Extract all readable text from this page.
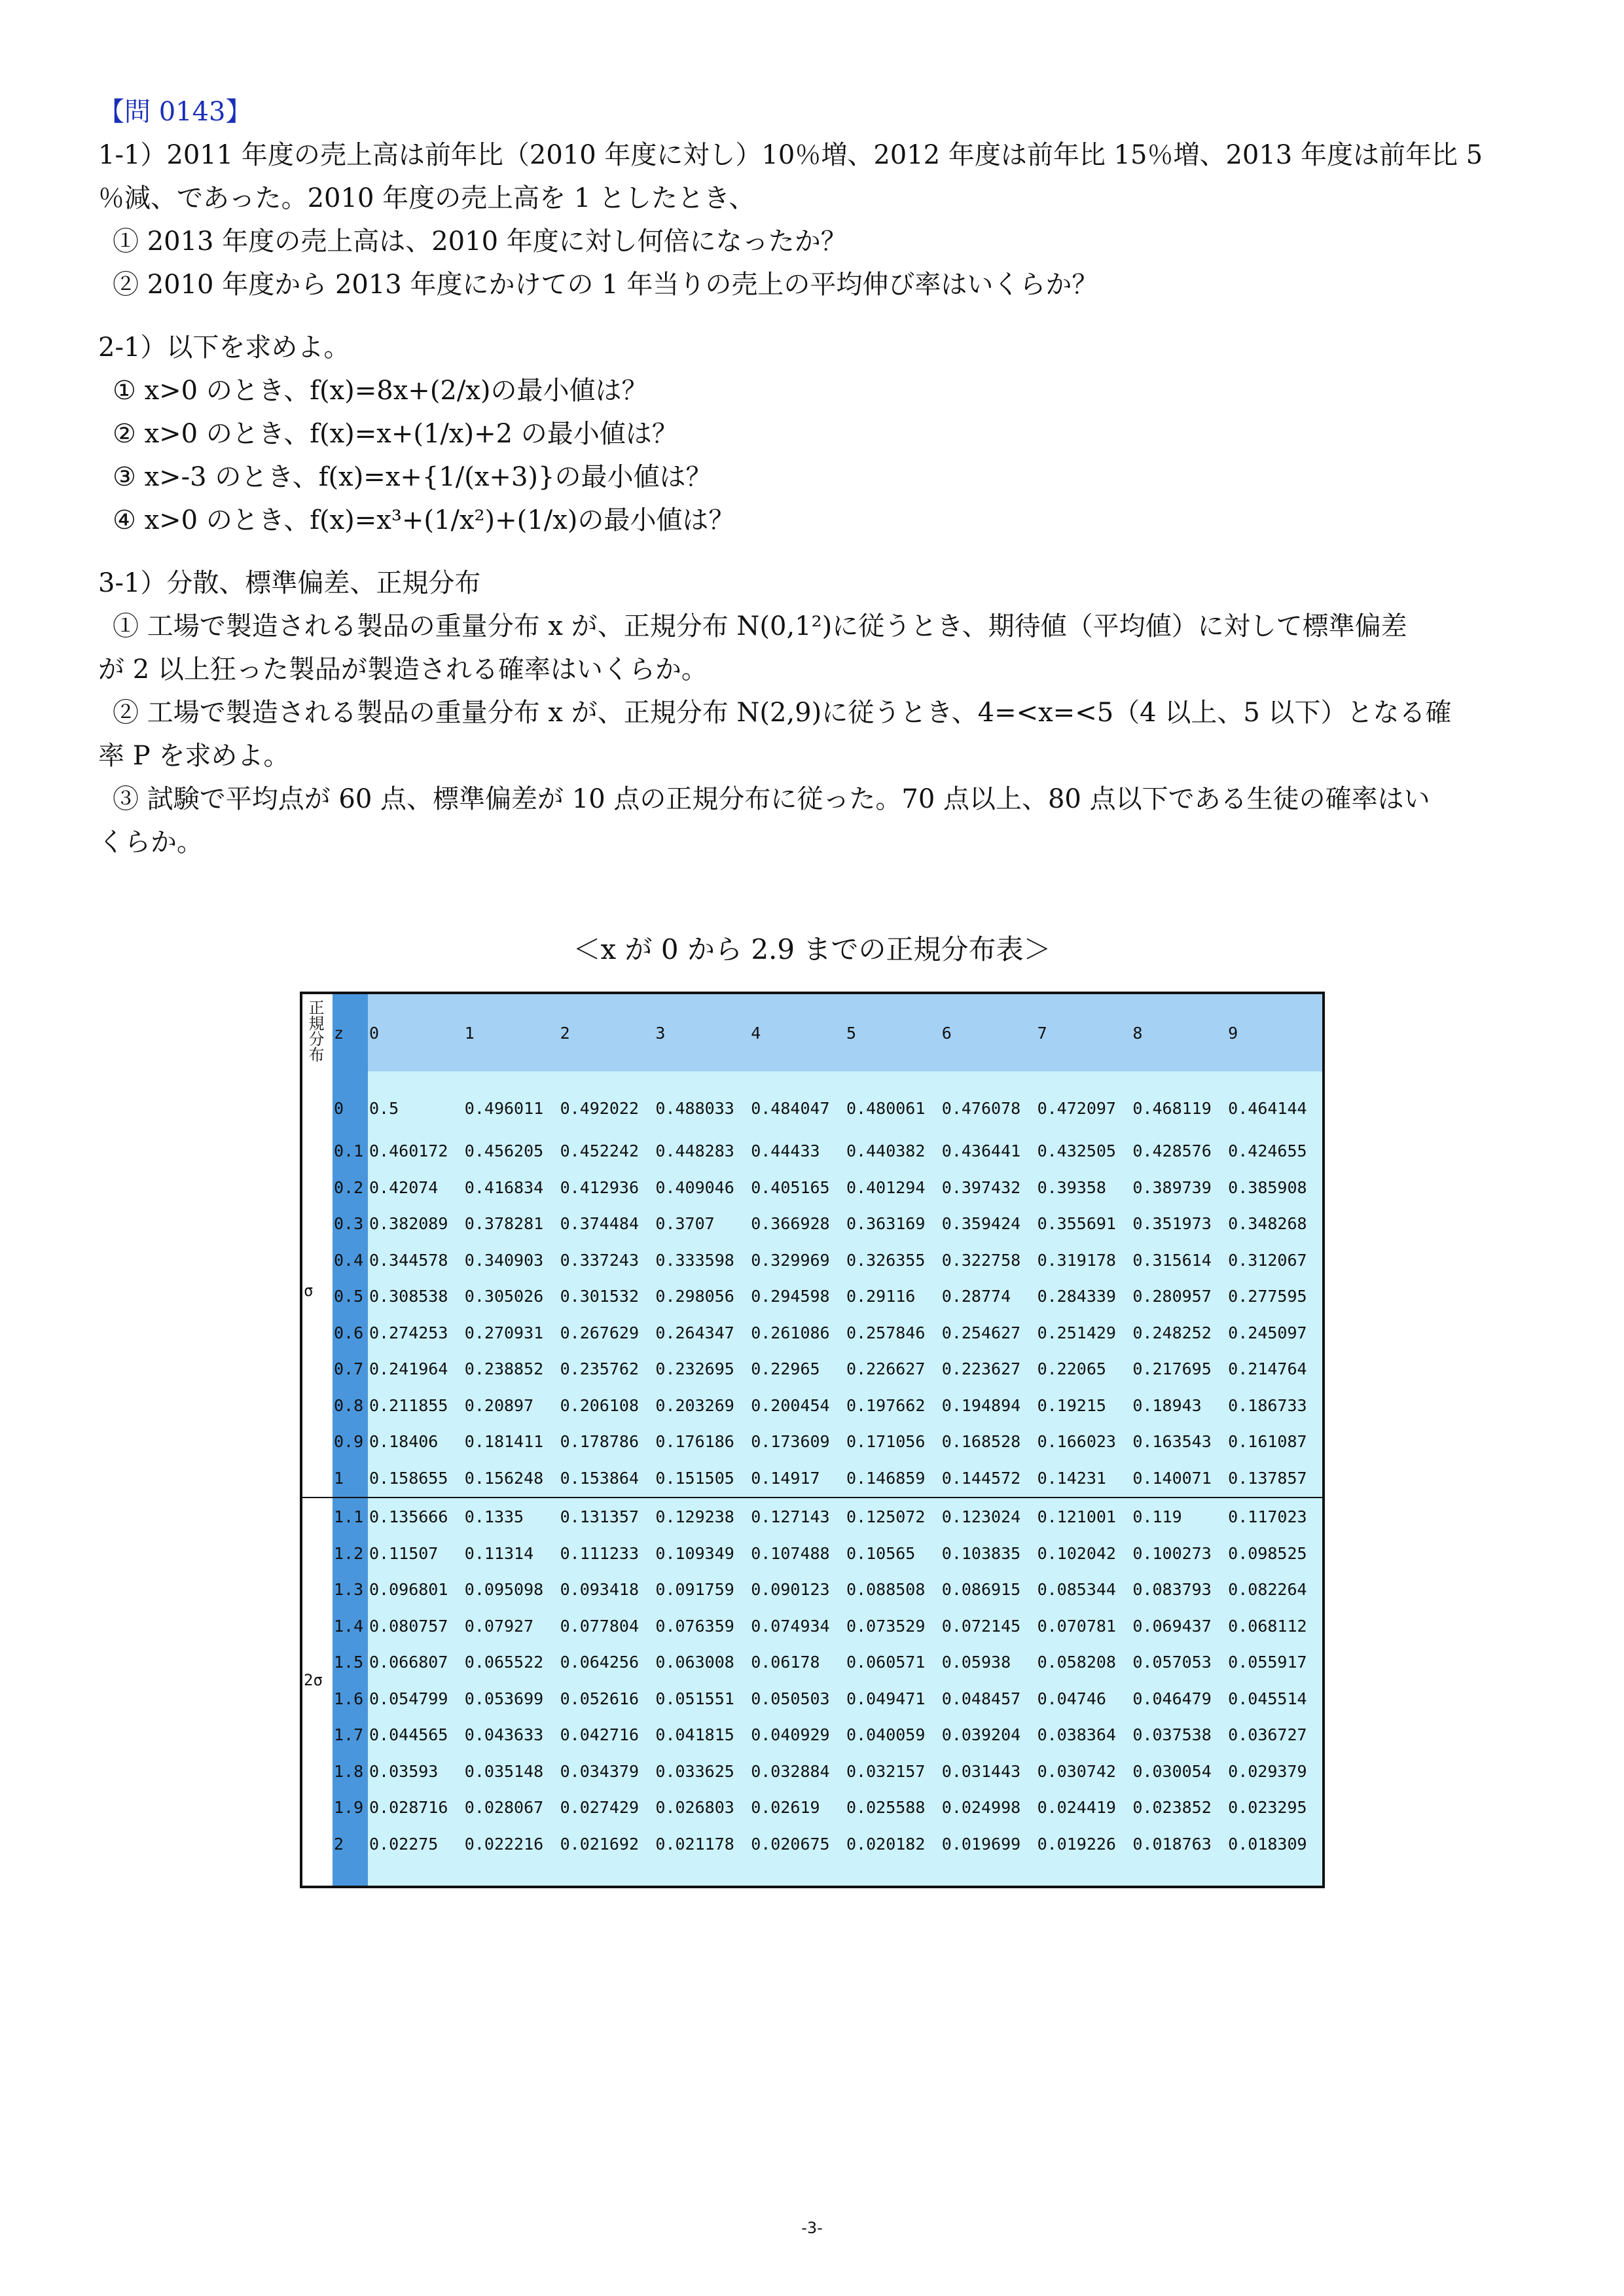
【問 0143】

1-1）2011 年度の売上高は前年比（2010 年度に対し）10％増、2012 年度は前年比 15％増、2013 年度は前年比 5

％減、であった。2010 年度の売上高を 1 としたとき、

① 2013 年度の売上高は、2010 年度に対し何倍になったか？

② 2010 年度から 2013 年度にかけての 1 年当りの売上の平均伸び率はいくらか？

2-1）以下を求めよ。

① x>0 のとき、f(x)=8x+(2/x)の最小値は？

② x>0 のとき、f(x)=x+(1/x)+2 の最小値は？

③ x>-3 のとき、f(x)=x+{1/(x+3)}の最小値は？

④ x>0 のとき、f(x)=x³+(1/x²)+(1/x)の最小値は？

3-1）分散、標準偏差、正規分布

① 工場で製造される製品の重量分布 x が、正規分布 N(0,1²)に従うとき、期待値（平均値）に対して標準偏差

が 2 以上狂った製品が製造される確率はいくらか。

② 工場で製造される製品の重量分布 x が、正規分布 N(2,9)に従うとき、4=<x=<5（4 以上、5 以下）となる確

率 P を求めよ。

③ 試験で平均点が 60 点、標準偏差が 10 点の正規分布に従った。70 点以上、80 点以下である生徒の確率はい

くらか。

＜x が 0 から 2.9 までの正規分布表＞
正規分布	z	0	1	2	3	4	5	6	7	8	9
σ	0	0.5	0.496011	0.492022	0.488033	0.484047	0.480061	0.476078	0.472097	0.468119	0.464144
	0.1	0.460172	0.456205	0.452242	0.448283	0.44433	0.440382	0.436441	0.432505	0.428576	0.424655
	0.2	0.42074	0.416834	0.412936	0.409046	0.405165	0.401294	0.397432	0.39358	0.389739	0.385908
	0.3	0.382089	0.378281	0.374484	0.3707	0.366928	0.363169	0.359424	0.355691	0.351973	0.348268
	0.4	0.344578	0.340903	0.337243	0.333598	0.329969	0.326355	0.322758	0.319178	0.315614	0.312067
	0.5	0.308538	0.305026	0.301532	0.298056	0.294598	0.29116	0.28774	0.284339	0.280957	0.277595
	0.6	0.274253	0.270931	0.267629	0.264347	0.261086	0.257846	0.254627	0.251429	0.248252	0.245097
	0.7	0.241964	0.238852	0.235762	0.232695	0.22965	0.226627	0.223627	0.22065	0.217695	0.214764
	0.8	0.211855	0.20897	0.206108	0.203269	0.200454	0.197662	0.194894	0.19215	0.18943	0.186733
	0.9	0.18406	0.181411	0.178786	0.176186	0.173609	0.171056	0.168528	0.166023	0.163543	0.161087
	1	0.158655	0.156248	0.153864	0.151505	0.14917	0.146859	0.144572	0.14231	0.140071	0.137857
2σ	1.1	0.135666	0.1335	0.131357	0.129238	0.127143	0.125072	0.123024	0.121001	0.119	0.117023
	1.2	0.11507	0.11314	0.111233	0.109349	0.107488	0.10565	0.103835	0.102042	0.100273	0.098525
	1.3	0.096801	0.095098	0.093418	0.091759	0.090123	0.088508	0.086915	0.085344	0.083793	0.082264
	1.4	0.080757	0.07927	0.077804	0.076359	0.074934	0.073529	0.072145	0.070781	0.069437	0.068112
	1.5	0.066807	0.065522	0.064256	0.063008	0.06178	0.060571	0.05938	0.058208	0.057053	0.055917
	1.6	0.054799	0.053699	0.052616	0.051551	0.050503	0.049471	0.048457	0.04746	0.046479	0.045514
	1.7	0.044565	0.043633	0.042716	0.041815	0.040929	0.040059	0.039204	0.038364	0.037538	0.036727
	1.8	0.03593	0.035148	0.034379	0.033625	0.032884	0.032157	0.031443	0.030742	0.030054	0.029379
	1.9	0.028716	0.028067	0.027429	0.026803	0.02619	0.025588	0.024998	0.024419	0.023852	0.023295
	2	0.02275	0.022216	0.021692	0.021178	0.020675	0.020182	0.019699	0.019226	0.018763	0.018309

-3-
